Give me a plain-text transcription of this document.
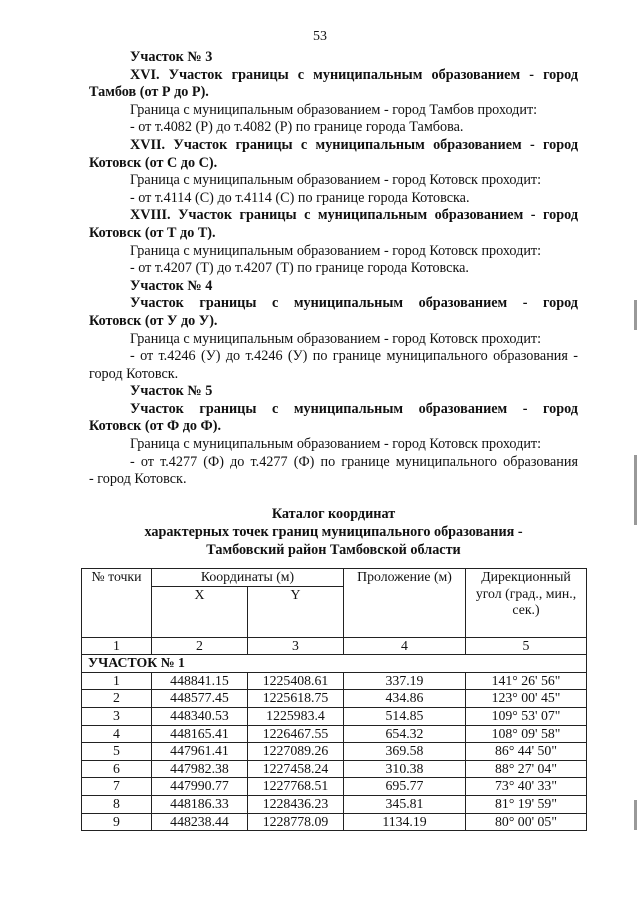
53

Участок № 3

XVI. Участок границы с муниципальным образованием - город

Тамбов (от Р до Р).

Граница с муниципальным образованием - город Тамбов проходит:

- от т.4082 (Р) до т.4082 (Р) по границе города Тамбова.

XVII. Участок границы с муниципальным образованием - город

Котовск (от С до С).

Граница с муниципальным образованием - город Котовск проходит:

- от т.4114 (С) до т.4114 (С) по границе города Котовска.

XVIII. Участок границы с муниципальным образованием - город

Котовск (от Т до Т).

Граница с муниципальным образованием - город Котовск проходит:

- от т.4207 (Т) до т.4207 (Т) по границе города Котовска.

Участок № 4

Участок границы с муниципальным образованием - город

Котовск (от У до У).

Граница с муниципальным образованием - город Котовск проходит:

- от т.4246 (У) до т.4246 (У) по границе муниципального образования -

город Котовск.

Участок № 5

Участок границы с муниципальным образованием - город

Котовск (от Ф до Ф).

Граница с муниципальным образованием - город Котовск проходит:

- от т.4277 (Ф) до т.4277 (Ф) по границе муниципального образования

- город Котовск.

Каталог координат
характерных точек границ муниципального образования -
Тамбовский район Тамбовской области
№ точки	Координаты (м)		Проложение (м)	Дирекционный угол (град., мин., сек.)
	X	Y		
1	2	3	4	5
УЧАСТОК № 1				
1	448841.15	1225408.61	337.19	141° 26' 56"
2	448577.45	1225618.75	434.86	123° 00' 45"
3	448340.53	1225983.4	514.85	109° 53' 07"
4	448165.41	1226467.55	654.32	108° 09' 58"
5	447961.41	1227089.26	369.58	86° 44' 50"
6	447982.38	1227458.24	310.38	88° 27' 04"
7	447990.77	1227768.51	695.77	73° 40' 33"
8	448186.33	1228436.23	345.81	81° 19' 59"
9	448238.44	1228778.09	1134.19	80° 00' 05"
